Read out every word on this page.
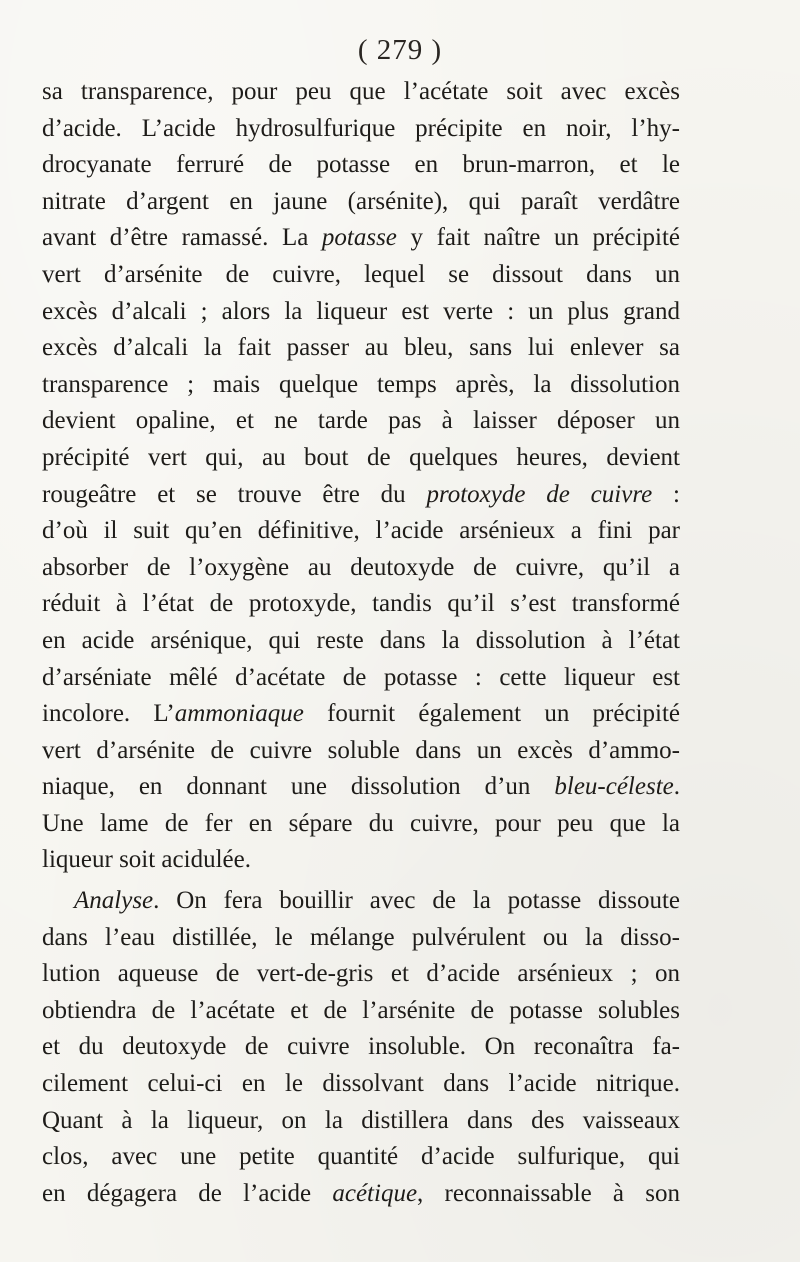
( 279 )
sa transparence, pour peu que l’acétate soit avec excès
d’acide. L’acide hydrosulfurique précipite en noir, l’hy-
drocyanate ferruré de potasse en brun-marron, et le
nitrate d’argent en jaune (arsénite), qui paraît verdâtre
avant d’être ramassé. La potasse y fait naître un précipité
vert d’arsénite de cuivre, lequel se dissout dans un
excès d’alcali ; alors la liqueur est verte : un plus grand
excès d’alcali la fait passer au bleu, sans lui enlever sa
transparence ; mais quelque temps après, la dissolution
devient opaline, et ne tarde pas à laisser déposer un
précipité vert qui, au bout de quelques heures, devient
rougeâtre et se trouve être du protoxyde de cuivre :
d’où il suit qu’en définitive, l’acide arsénieux a fini par
absorber de l’oxygène au deutoxyde de cuivre, qu’il a
réduit à l’état de protoxyde, tandis qu’il s’est transformé
en acide arsénique, qui reste dans la dissolution à l’état
d’arséniate mêlé d’acétate de potasse : cette liqueur est
incolore. L’ammoniaque fournit également un précipité
vert d’arsénite de cuivre soluble dans un excès d’ammo-
niaque, en donnant une dissolution d’un bleu-céleste.
Une lame de fer en sépare du cuivre, pour peu que la
liqueur soit acidulée.
Analyse. On fera bouillir avec de la potasse dissoute
dans l’eau distillée, le mélange pulvérulent ou la disso-
lution aqueuse de vert-de-gris et d’acide arsénieux ; on
obtiendra de l’acétate et de l’arsénite de potasse solubles
et du deutoxyde de cuivre insoluble. On reconaîtra fa-
cilement celui-ci en le dissolvant dans l’acide nitrique.
Quant à la liqueur, on la distillera dans des vaisseaux
clos, avec une petite quantité d’acide sulfurique, qui
en dégagera de l’acide acétique, reconnaissable à son
